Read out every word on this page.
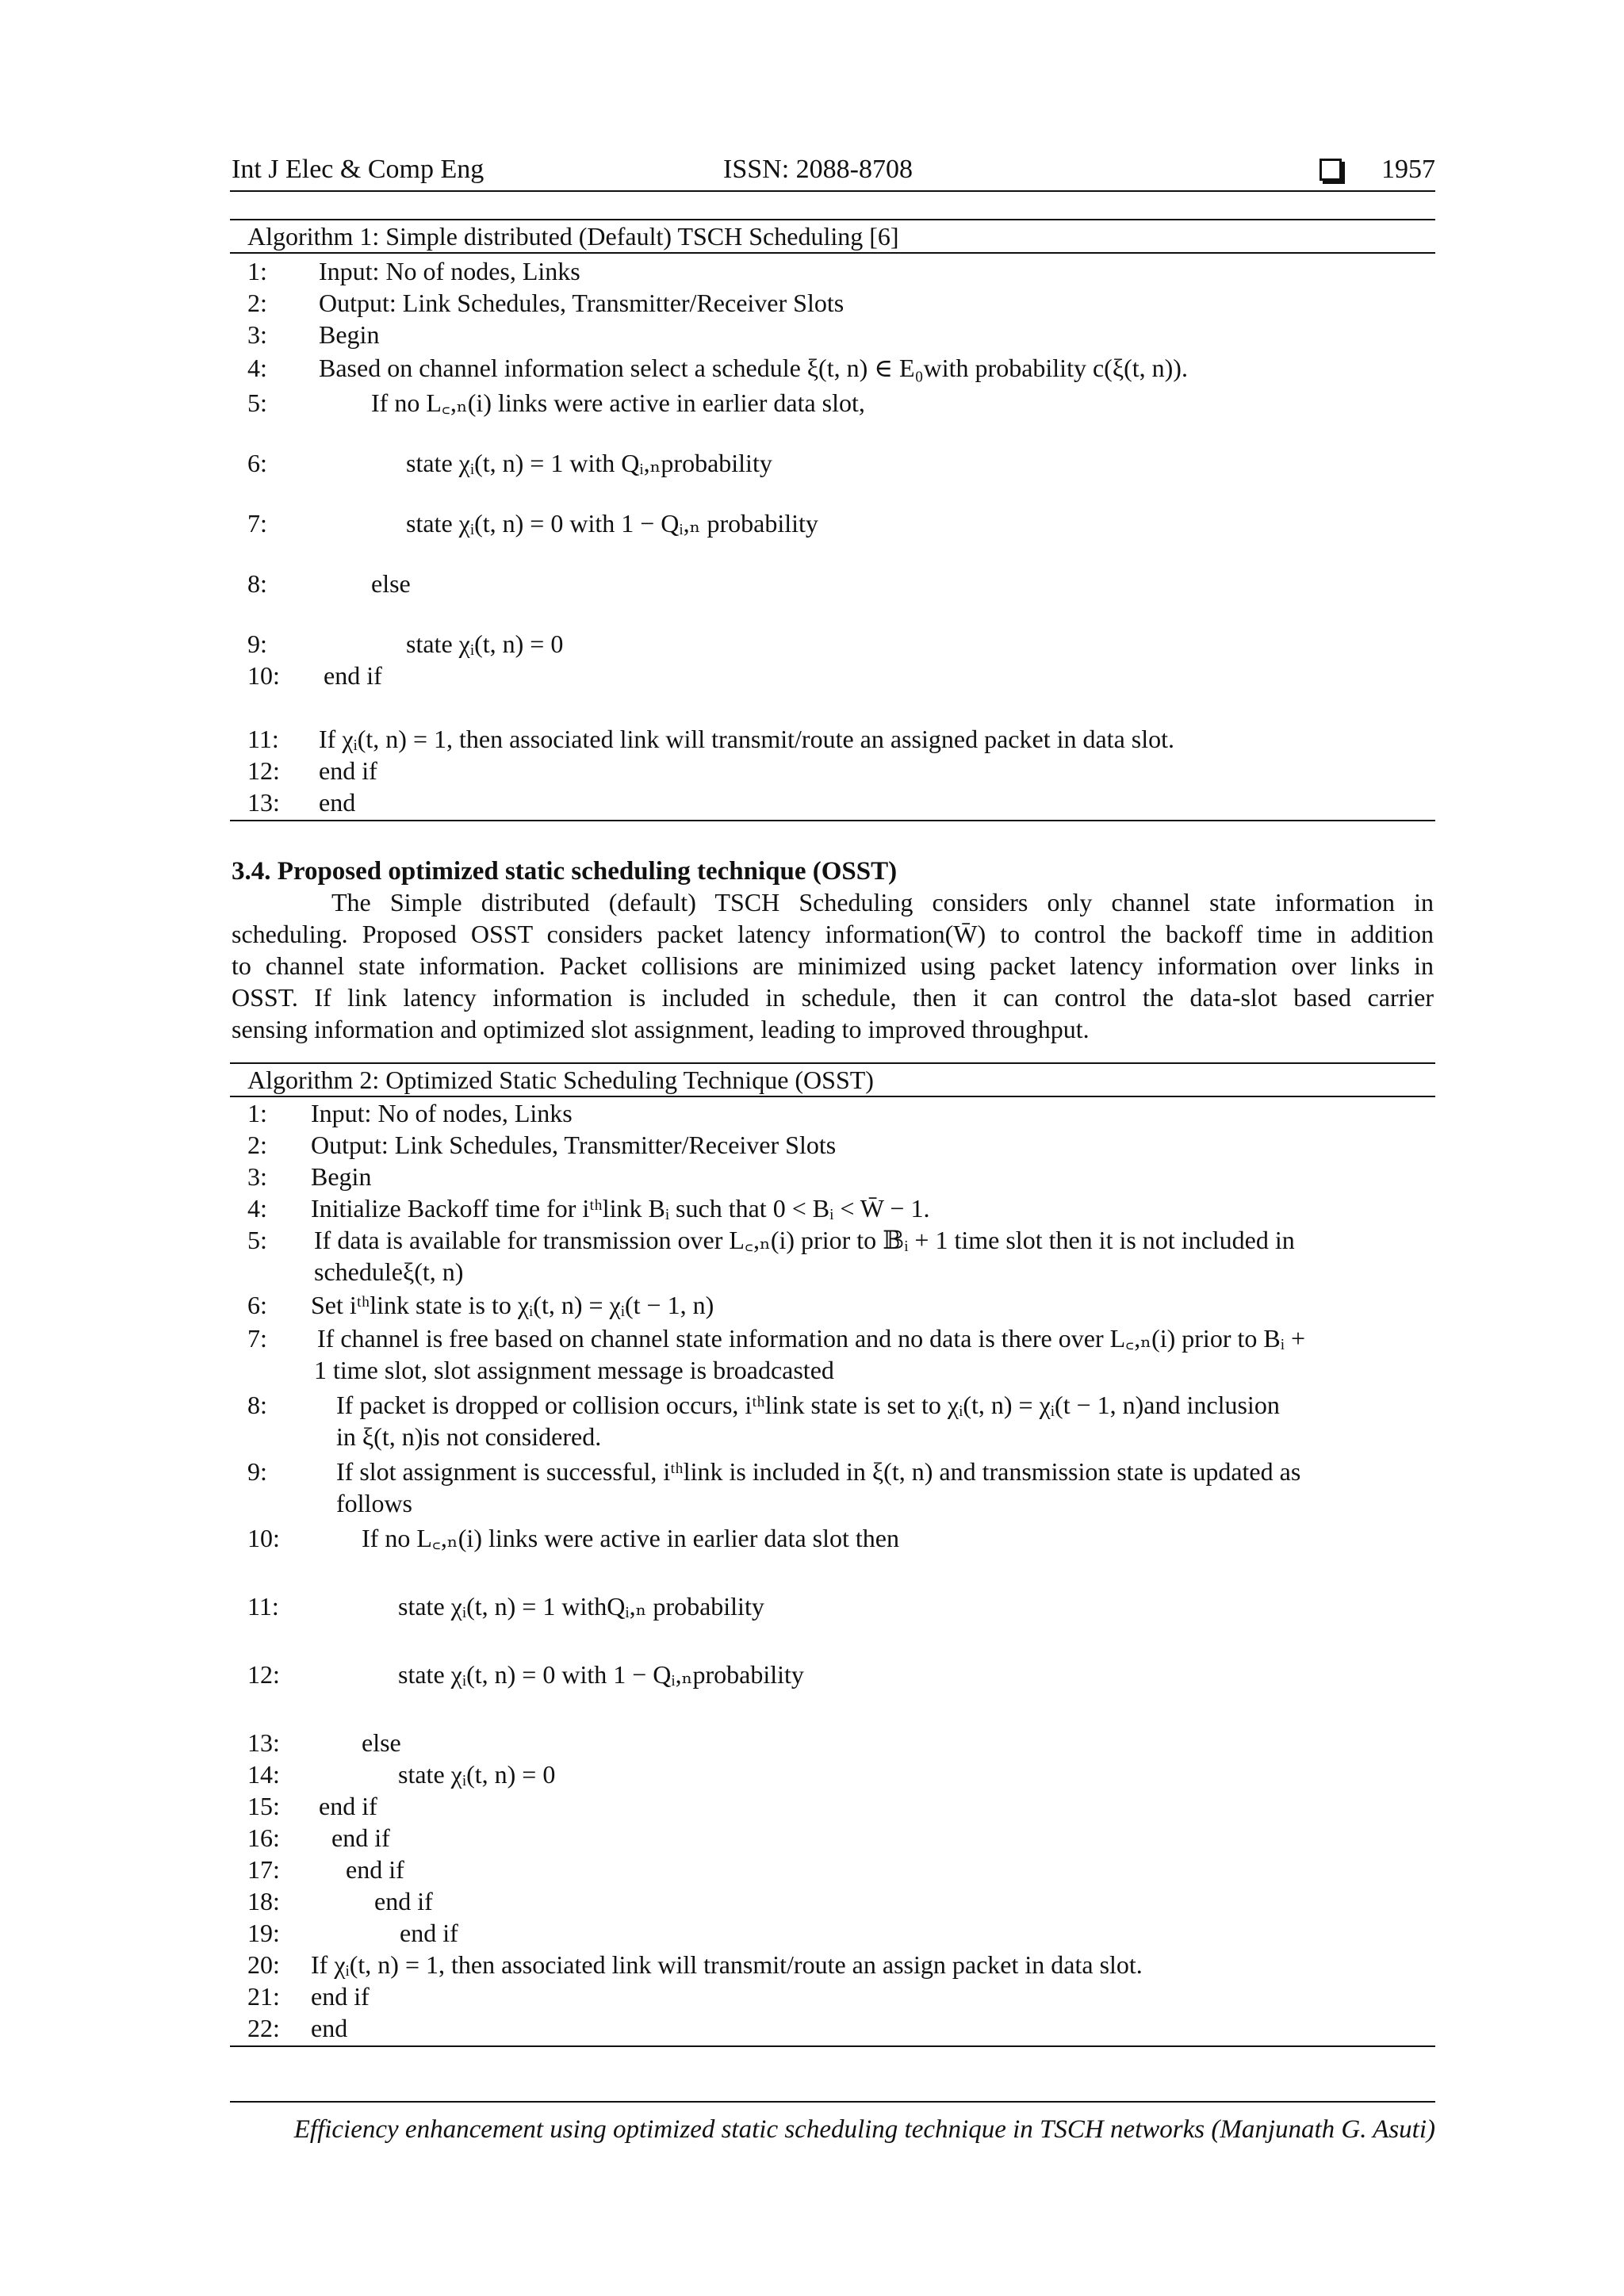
Int J Elec & Comp Eng	ISSN: 2088-8708	1957
Algorithm 1: Simple distributed (Default) TSCH Scheduling [6]
1: Input: No of nodes, Links
2: Output: Link Schedules, Transmitter/Receiver Slots
3: Begin
4: Based on channel information select a schedule ξ(t, n) ∈ E₀with probability c(ξ(t, n)).
5:	If no L꜀,ₙ(i) links were active in earlier data slot,
6:	state χᵢ(t, n) = 1 with Qᵢ,ₙprobability
7:	state χᵢ(t, n) = 0 with 1 − Qᵢ,ₙ probability
8:	else
9:	state χᵢ(t, n) = 0
10: end if
11: If χᵢ(t, n) = 1, then associated link will transmit/route an assigned packet in data slot.
12: end if
13: end
3.4. Proposed optimized static scheduling technique (OSST)
The Simple distributed (default) TSCH Scheduling considers only channel state information in
scheduling. Proposed OSST considers packet latency information(W̄) to control the backoff time in addition
to channel state information. Packet collisions are minimized using packet latency information over links in
OSST. If link latency information is included in schedule, then it can control the data-slot based carrier
sensing information and optimized slot assignment, leading to improved throughput.
Algorithm 2: Optimized Static Scheduling Technique (OSST)
1: Input: No of nodes, Links
2: Output: Link Schedules, Transmitter/Receiver Slots
3: Begin
4: Initialize Backoff time for iᵗʰlink Bᵢ such that 0 < Bᵢ < W̄ − 1.
5: If data is available for transmission over L꜀,ₙ(i) prior to 𝔹ᵢ + 1 time slot then it is not included in
scheduleξ(t, n)
6: Set iᵗʰlink state is to χᵢ(t, n) = χᵢ(t − 1, n)
7: If channel is free based on channel state information and no data is there over L꜀,ₙ(i) prior to Bᵢ +
1 time slot, slot assignment message is broadcasted
8:	If packet is dropped or collision occurs, iᵗʰlink state is set to χᵢ(t, n) = χᵢ(t − 1, n)and inclusion
in ξ(t, n)is not considered.
9:	If slot assignment is successful, iᵗʰlink is included in ξ(t, n) and transmission state is updated as
follows
10:	If no L꜀,ₙ(i) links were active in earlier data slot then
11:	state χᵢ(t, n) = 1 withQᵢ,ₙ probability
12:	state χᵢ(t, n) = 0 with 1 − Qᵢ,ₙprobability
13:	else
14:	state χᵢ(t, n) = 0
15: end if
16: end if
17:	end if
18:	end if
19:	end if
20: If χᵢ(t, n) = 1, then associated link will transmit/route an assign packet in data slot.
21: end if
22: end
Efficiency enhancement using optimized static scheduling technique in TSCH networks (Manjunath G. Asuti)
